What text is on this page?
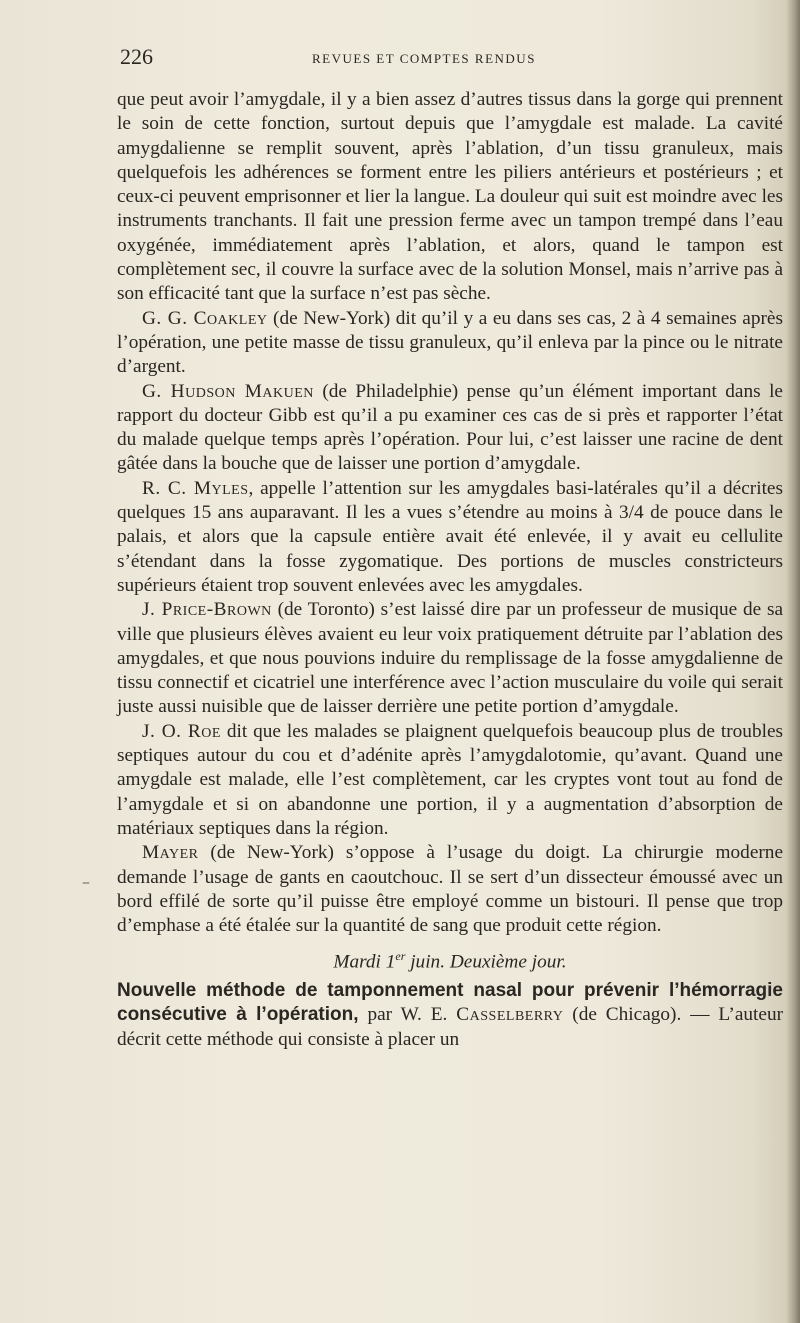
226	REVUES ET COMPTES RENDUS
–

que peut avoir l’amygdale, il y a bien assez d’autres tissus dans la gorge qui prennent le soin de cette fonction, surtout depuis que l’amygdale est malade. La cavité amygdalienne se remplit souvent, après l’ablation, d’un tissu granuleux, mais quelquefois les adhérences se forment entre les piliers antérieurs et postérieurs ; et ceux-ci peuvent emprisonner et lier la langue. La douleur qui suit est moindre avec les instruments tranchants. Il fait une pression ferme avec un tampon trempé dans l’eau oxygénée, immédiatement après l’ablation, et alors, quand le tampon est complètement sec, il couvre la surface avec de la solution Monsel, mais n’arrive pas à son efficacité tant que la surface n’est pas sèche.

G. G. Coakley (de New-York) dit qu’il y a eu dans ses cas, 2 à 4 semaines après l’opération, une petite masse de tissu granuleux, qu’il enleva par la pince ou le nitrate d’argent.

G. Hudson Makuen (de Philadelphie) pense qu’un élément important dans le rapport du docteur Gibb est qu’il a pu examiner ces cas de si près et rapporter l’état du malade quelque temps après l’opération. Pour lui, c’est laisser une racine de dent gâtée dans la bouche que de laisser une portion d’amygdale.

R. C. Myles, appelle l’attention sur les amygdales basi-latérales qu’il a décrites quelques 15 ans auparavant. Il les a vues s’étendre au moins à 3/4 de pouce dans le palais, et alors que la capsule entière avait été enlevée, il y avait eu cellulite s’étendant dans la fosse zygomatique. Des portions de muscles constricteurs supérieurs étaient trop souvent enlevées avec les amygdales.

J. Price-Brown (de Toronto) s’est laissé dire par un professeur de musique de sa ville que plusieurs élèves avaient eu leur voix pratiquement détruite par l’ablation des amygdales, et que nous pouvions induire du remplissage de la fosse amygdalienne de tissu connectif et cicatriel une interférence avec l’action musculaire du voile qui serait juste aussi nuisible que de laisser derrière une petite portion d’amygdale.

J. O. Roe dit que les malades se plaignent quelquefois beaucoup plus de troubles septiques autour du cou et d’adénite après l’amygdalotomie, qu’avant. Quand une amygdale est malade, elle l’est complètement, car les cryptes vont tout au fond de l’amygdale et si on abandonne une portion, il y a augmentation d’absorption de matériaux septiques dans la région.

Mayer (de New-York) s’oppose à l’usage du doigt. La chirurgie moderne demande l’usage de gants en caoutchouc. Il se sert d’un dissecteur émoussé avec un bord effilé de sorte qu’il puisse être employé comme un bistouri. Il pense que trop d’emphase a été étalée sur la quantité de sang que produit cette région.

Mardi 1er juin. Deuxième jour.

Nouvelle méthode de tamponnement nasal pour prévenir l’hémorragie consécutive à l’opération, par W. E. Casselberry (de Chicago). — L’auteur décrit cette méthode qui consiste à placer un
